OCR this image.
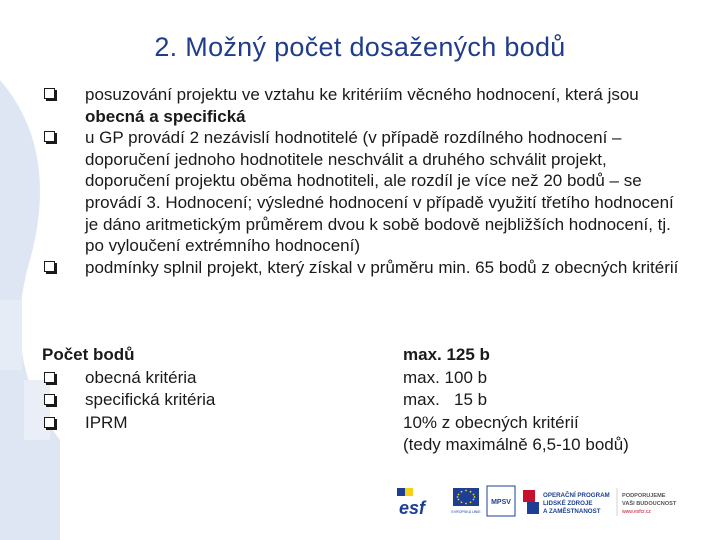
2. Možný počet dosažených bodů
posuzování projektu ve vztahu ke kritériím věcného hodnocení, která jsou obecná a specifická
u GP provádí 2 nezávislí hodnotitelé (v případě rozdílného hodnocení – doporučení jednoho hodnotitele neschválit a druhého schválit projekt, doporučení projektu oběma hodnotiteli, ale rozdíl je více než 20 bodů – se provádí 3. Hodnocení; výsledné hodnocení v případě využití třetího hodnocení je dáno aritmetickým průměrem dvou k sobě bodově nejbližších hodnocení, tj. po vyloučení extrémního hodnocení)
podmínky splnil projekt, který získal v průměru min. 65 bodů z obecných kritérií
Počet bodů
obecná kritéria
specifická kritéria
IPRM
max. 125 b
max. 100 b
max.   15 b
10% z obecných kritérií
(tedy maximálně 6,5-10 bodů)
esf	EVROPSKÁ UNIE
MPSV
OPERAČNÍ PROGRAM
LIDSKÉ ZDROJE
A ZAMĚSTNANOST
PODPORUJEME
VAŠI BUDOUCNOST
www.esfcr.cz
